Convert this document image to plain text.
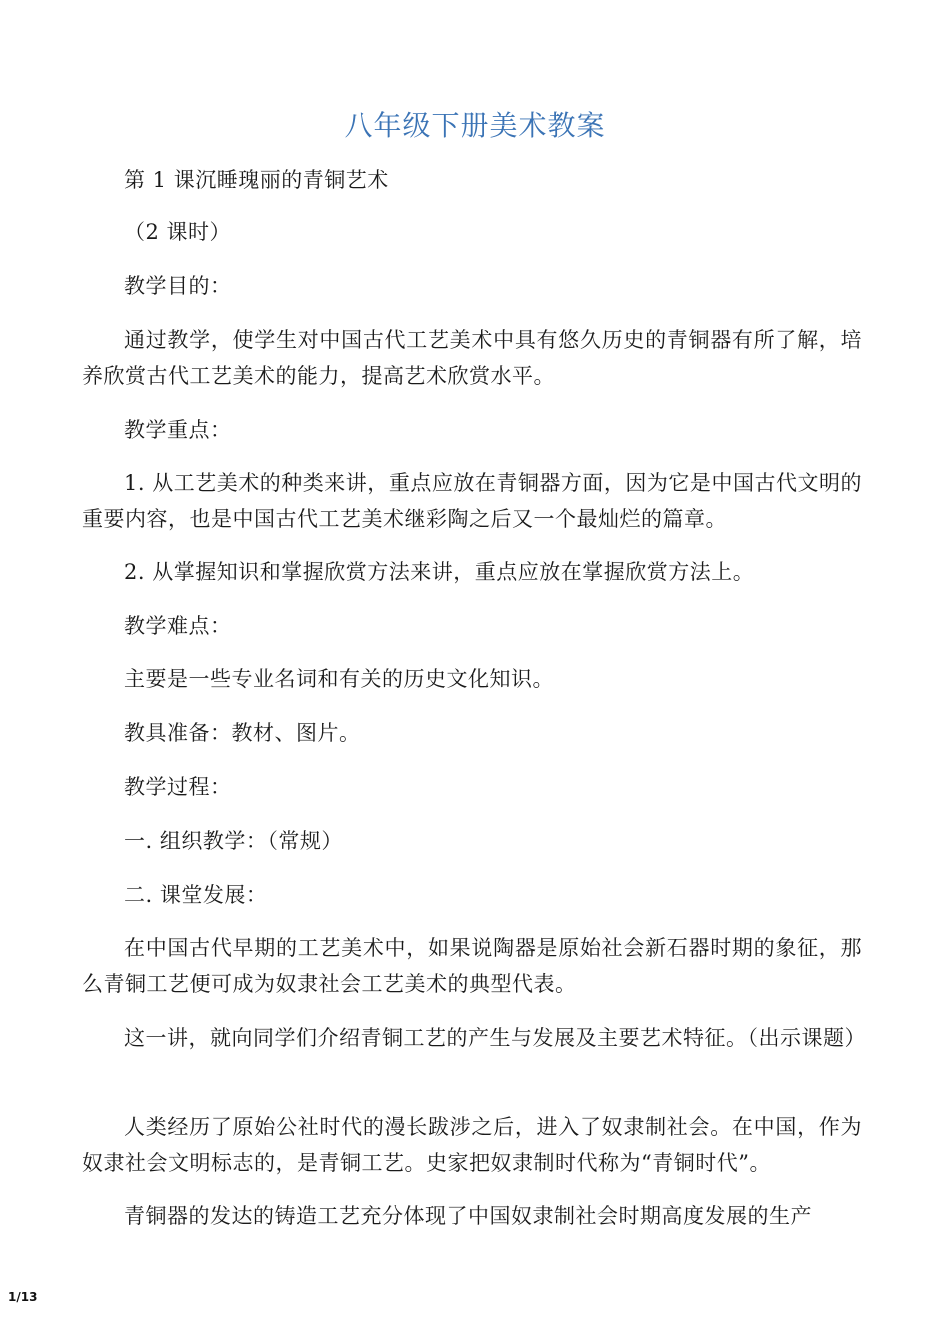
八年级下册美术教案
第 1 课沉睡瑰丽的青铜艺术
（2 课时）
教学目的：
通过教学，使学生对中国古代工艺美术中具有悠久历史的青铜器有所了解，培养欣赏古代工艺美术的能力，提高艺术欣赏水平。
教学重点：
1. 从工艺美术的种类来讲，重点应放在青铜器方面，因为它是中国古代文明的重要内容，也是中国古代工艺美术继彩陶之后又一个最灿烂的篇章。
2. 从掌握知识和掌握欣赏方法来讲，重点应放在掌握欣赏方法上。
教学难点：
主要是一些专业名词和有关的历史文化知识。
教具准备：教材、图片。
教学过程：
一. 组织教学：（常规）
二. 课堂发展：
在中国古代早期的工艺美术中，如果说陶器是原始社会新石器时期的象征，那么青铜工艺便可成为奴隶社会工艺美术的典型代表。
这一讲，就向同学们介绍青铜工艺的产生与发展及主要艺术特征。（出示课题）
人类经历了原始公社时代的漫长跋涉之后，进入了奴隶制社会。在中国，作为奴隶社会文明标志的，是青铜工艺。史家把奴隶制时代称为“青铜时代”。
青铜器的发达的铸造工艺充分体现了中国奴隶制社会时期高度发展的生产
1/13
